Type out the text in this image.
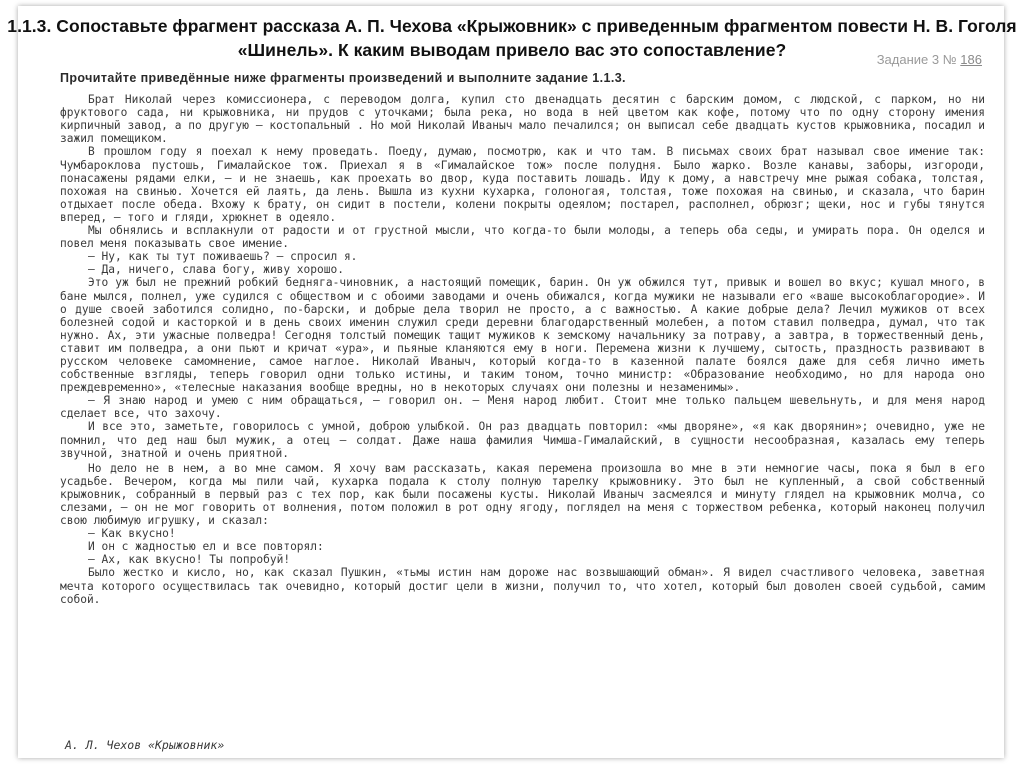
1.1.3. Сопоставьте фрагмент рассказа А. П. Чехова «Крыжовник» с приведенным фрагментом повести Н. В. Гоголя «Шинель». К каким выводам привело вас это сопоставление?	Задание 3 № 186

Прочитайте приведённые ниже фрагменты произведений и выполните задание 1.1.3.

Брат Николай через комиссионера, с переводом долга, купил сто двенадцать десятин с барским домом, с людской, с парком, но ни фруктового сада, ни крыжовника, ни прудов с уточками; была река, но вода в ней цветом как кофе, потому что по одну сторону имения кирпичный завод, а по другую — костопальный . Но мой Николай Иваныч мало печалился; он выписал себе двадцать кустов крыжовника, посадил и зажил помещиком.

В прошлом году я поехал к нему проведать. Поеду, думаю, посмотрю, как и что там. В письмах своих брат называл свое имение так: Чумбароклова пустошь, Гималайское тож. Приехал я в «Гималайское тож» после полудня. Было жарко. Возле канавы, заборы, изгороди, понасажены рядами елки, — и не знаешь, как проехать во двор, куда поставить лошадь. Иду к дому, а навстречу мне рыжая собака, толстая, похожая на свинью. Хочется ей лаять, да лень. Вышла из кухни кухарка, голоногая, толстая, тоже похожая на свинью, и сказала, что барин отдыхает после обеда. Вхожу к брату, он сидит в постели, колени покрыты одеялом; постарел, располнел, обрюзг; щеки, нос и губы тянутся вперед, — того и гляди, хрюкнет в одеяло.

Мы обнялись и всплакнули от радости и от грустной мысли, что когда-то были молоды, а теперь оба седы, и умирать пора. Он оделся и повел меня показывать свое имение.

— Ну, как ты тут поживаешь? — спросил я.

— Да, ничего, слава богу, живу хорошо.

Это уж был не прежний робкий бедняга-чиновник, а настоящий помещик, барин. Он уж обжился тут, привык и вошел во вкус; кушал много, в бане мылся, полнел, уже судился с обществом и с обоими заводами и очень обижался, когда мужики не называли его «ваше высокоблагородие». И о душе своей заботился солидно, по-барски, и добрые дела творил не просто, а с важностью. А какие добрые дела? Лечил мужиков от всех болезней содой и касторкой и в день своих именин служил среди деревни благодарственный молебен, а потом ставил полведра, думал, что так нужно. Ах, эти ужасные полведра! Сегодня толстый помещик тащит мужиков к земскому начальнику за потраву, а завтра, в торжественный день, ставит им полведра, а они пьют и кричат «ура», и пьяные кланяются ему в ноги. Перемена жизни к лучшему, сытость, праздность развивают в русском человеке самомнение, самое наглое. Николай Иваныч, который когда-то в казенной палате боялся даже для себя лично иметь собственные взгляды, теперь говорил одни только истины, и таким тоном, точно министр: «Образование необходимо, но для народа оно преждевременно», «телесные наказания вообще вредны, но в некоторых случаях они полезны и незаменимы».

— Я знаю народ и умею с ним обращаться, — говорил он. — Меня народ любит. Стоит мне только пальцем шевельнуть, и для меня народ сделает все, что захочу.

И все это, заметьте, говорилось с умной, доброю улыбкой. Он раз двадцать повторил: «мы дворяне», «я как дворянин»; очевидно, уже не помнил, что дед наш был мужик, а отец — солдат. Даже наша фамилия Чимша-Гималайский, в сущности несообразная, казалась ему теперь звучной, знатной и очень приятной.

Но дело не в нем, а во мне самом. Я хочу вам рассказать, какая перемена произошла во мне в эти немногие часы, пока я был в его усадьбе. Вечером, когда мы пили чай, кухарка подала к столу полную тарелку крыжовнику. Это был не купленный, а свой собственный крыжовник, собранный в первый раз с тех пор, как были посажены кусты. Николай Иваныч засмеялся и минуту глядел на крыжовник молча, со слезами, — он не мог говорить от волнения, потом положил в рот одну ягоду, поглядел на меня с торжеством ребенка, который наконец получил свою любимую игрушку, и сказал:

— Как вкусно!

И он с жадностью ел и все повторял:

— Ах, как вкусно! Ты попробуй!

Было жестко и кисло, но, как сказал Пушкин, «тьмы истин нам дороже нас возвышающий обман». Я видел счастливого человека, заветная мечта которого осуществилась так очевидно, который достиг цели в жизни, получил то, что хотел, который был доволен своей судьбой, самим собой.

А. Л. Чехов «Крыжовник»
